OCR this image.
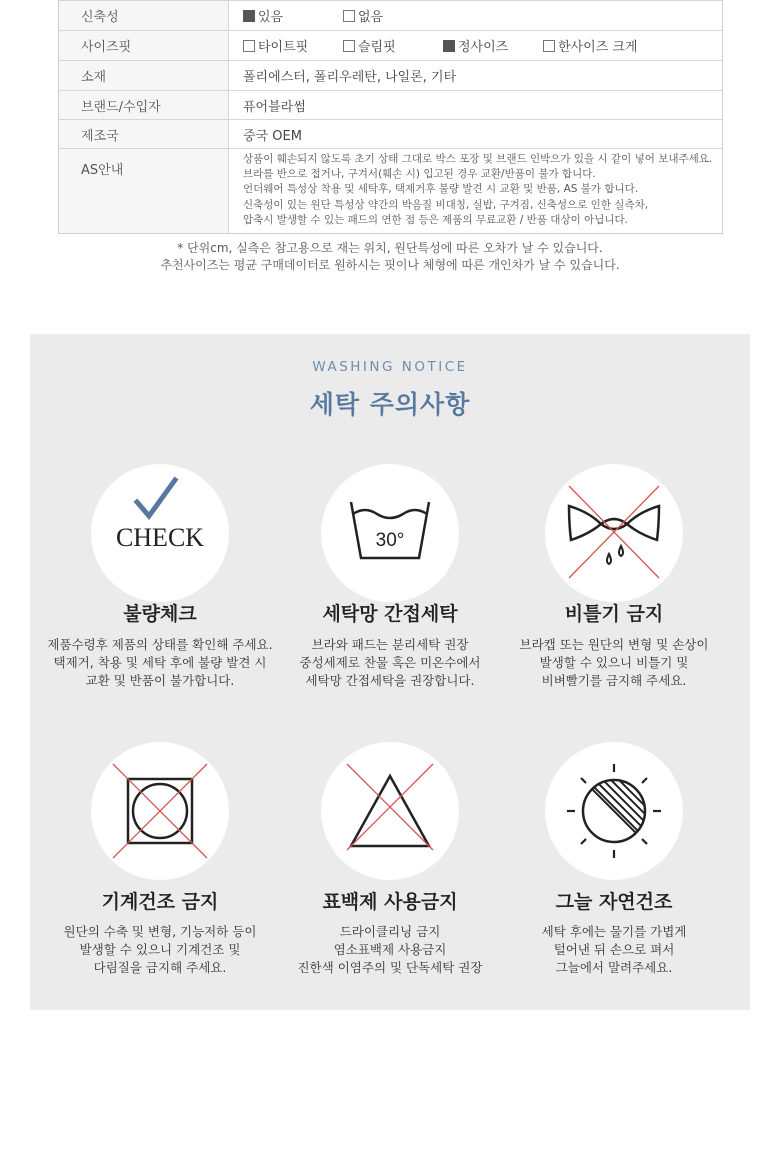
신축성	있음	없음
사이즈핏	타이트핏	슬림핏	정사이즈	한사이즈 크게
소재	폴리에스터, 폴리우레탄, 나일론, 기타
브랜드/수입자	퓨어블라썸
제조국	중국 OEM
AS안내
상품이 훼손되지 않도록 초기 상태 그대로 박스 포장 및 브랜드 인박으가 있을 시 같이 넣어 보내주세요.
브라를 반으로 접거나, 구겨서(훼손 시) 입고된 경우 교환/반품이 불가 합니다.
언더웨어 특성상 착용 및 세탁후, 택제거후 불량 발견 시 교환 및 반품, AS 불가 합니다.
신축성이 있는 원단 특성상 약간의 박음질 비대칭, 실밥, 구겨짐, 신축성으로 인한 실측차,
압축시 발생할 수 있는 패드의 연한 점 등은 제품의 무료교환 / 반품 대상이 아닙니다.
* 단위cm, 실측은 참고용으로 재는 위치, 원단특성에 따른 오차가 날 수 있습니다.
추천사이즈는 평균 구매데이터로 원하시는 핏이나 체형에 따른 개인차가 날 수 있습니다.
WASHING NOTICE
세탁 주의사항
CHECK
불량체크
제품수령후 제품의 상태를 확인해 주세요.
택제거, 착용 및 세탁 후에 불량 발견 시
교환 및 반품이 불가합니다.
30°
세탁망 간접세탁
브라와 패드는 분리세탁 권장
중성세제로 찬물 혹은 미온수에서
세탁망 간접세탁을 권장합니다.
비틀기 금지
브라캡 또는 원단의 변형 및 손상이
발생할 수 있으니 비틀기 및
비벼빨기를 금지해 주세요.
기계건조 금지
원단의 수축 및 변형, 기능저하 등이
발생할 수 있으니 기계건조 및
다림질을 금지해 주세요.
표백제 사용금지
드라이클리닝 금지
염소표백제 사용금지
진한색 이염주의 및 단독세탁 권장
그늘 자연건조
세탁 후에는 물기를 가볍게
털어낸 뒤 손으로 펴서
그늘에서 말려주세요.
